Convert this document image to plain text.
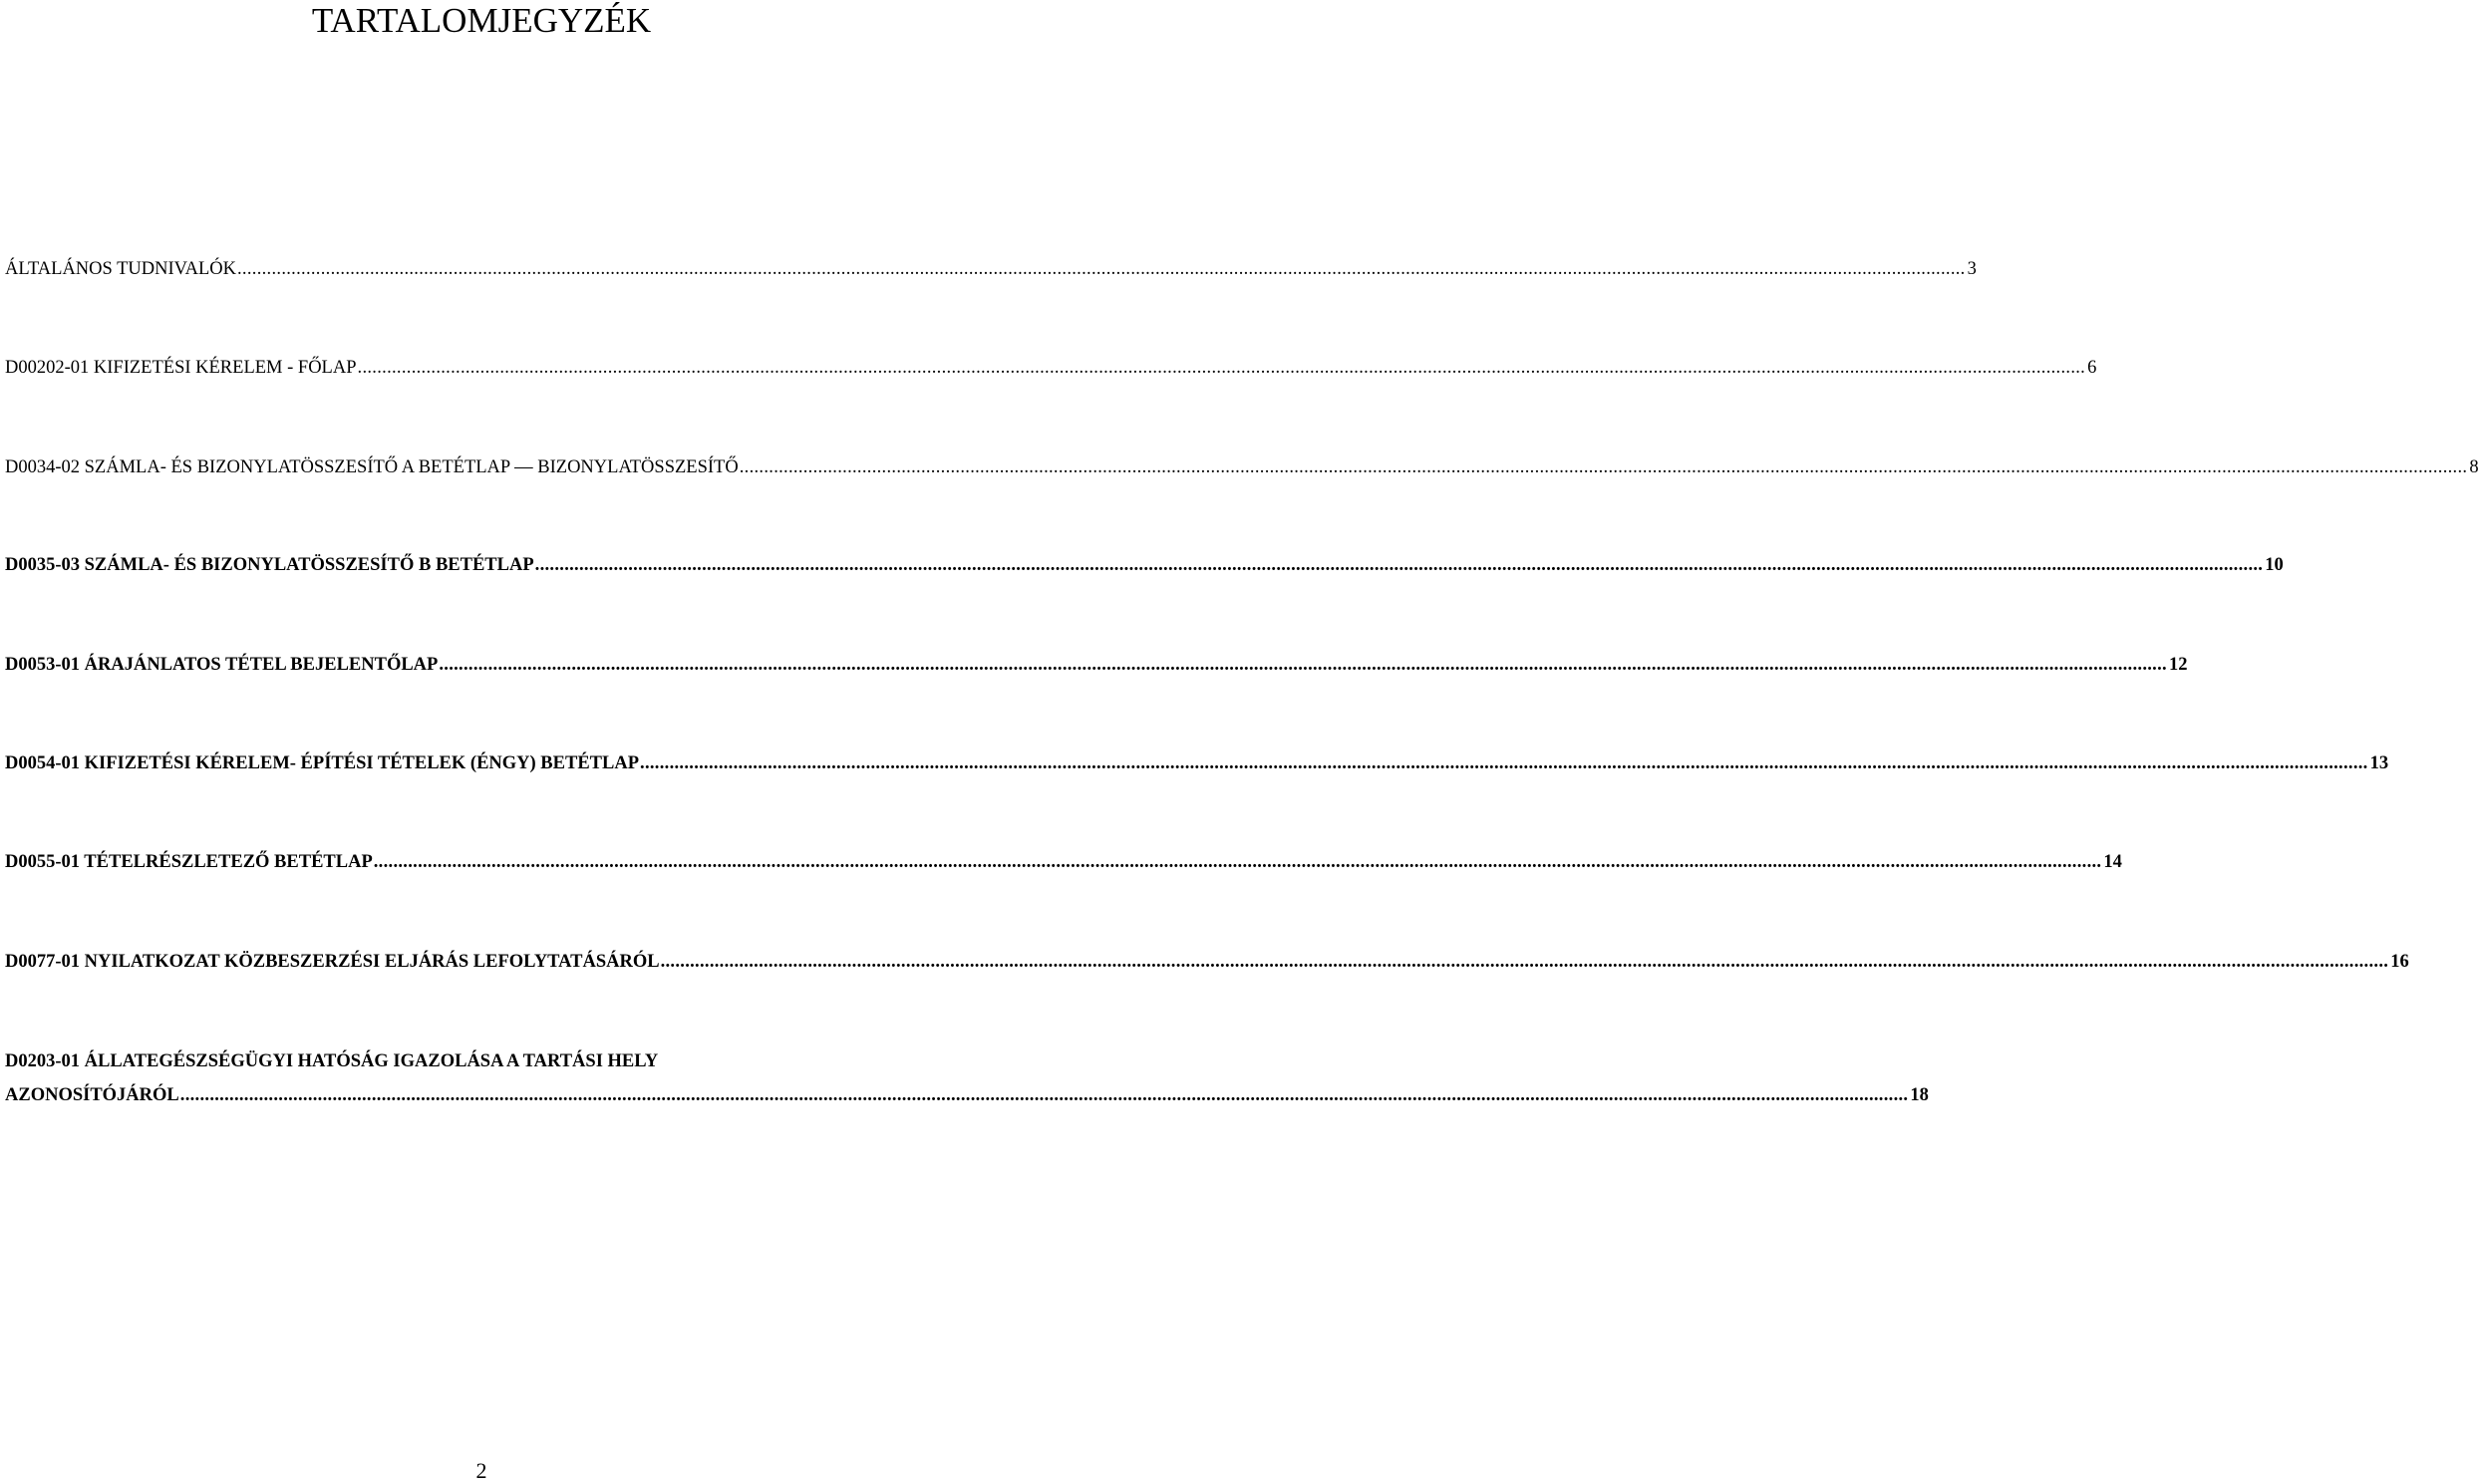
TARTALOMJEGYZÉK
ÁLTALÁNOS TUDNIVALÓK .....	3
D00202-01 KIFIZETÉSI KÉRELEM - FŐLAP .....	6
D0034-02 SZÁMLA- ÉS BIZONYLATÖSSZESÍTŐ A BETÉTLAP — BIZONYLATÖSSZESÍTŐ .....	8
D0035-03 SZÁMLA- ÉS BIZONYLATÖSSZESÍTŐ B BETÉTLAP .....	10
D0053-01 ÁRAJÁNLATOS TÉTEL BEJELENTŐLAP .....	12
D0054-01 KIFIZETÉSI KÉRELEM- ÉPÍTÉSI TÉTELEK (ÉNGY) BETÉTLAP .....	13
D0055-01 TÉTELRÉSZLETEZŐ BETÉTLAP .....	14
D0077-01 NYILATKOZAT KÖZBESZERZÉSI ELJÁRÁS LEFOLYTATÁSÁRÓL .....	16
D0203-01 ÁLLATEGÉSZSÉGÜGYI HATÓSÁG IGAZOLÁSA A TARTÁSI HELY
AZONOSÍTÓJÁRÓL .....	18
2
